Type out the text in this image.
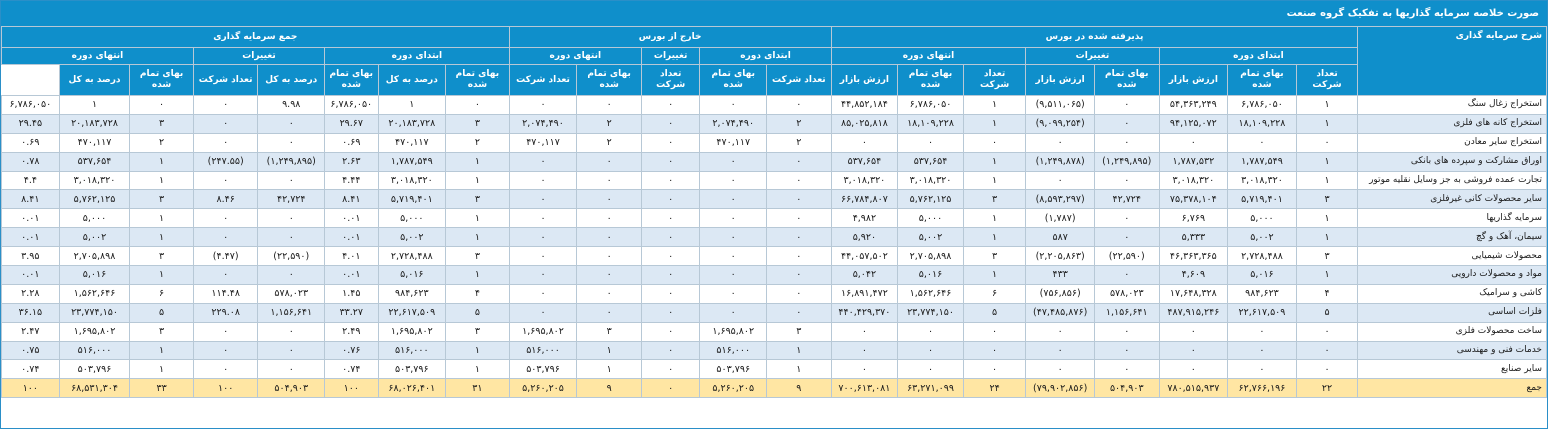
صورت خلاصه سرمایه گذاریها به تفکیک گروه صنعت
شرح سرمایه گذاری	پذیرفته شده در بورس								خارج از بورس					جمع سرمایه گذاری							
	ابتدای دوره			تغییرات		انتهای دوره			ابتدای دوره		تغییرات	انتهای دوره		ابتدای دوره			تغییرات		انتهای دوره		
	تعداد شرکت	بهای تمام شده	ارزش بازار	بهای تمام شده	ارزش بازار	تعداد شرکت	بهای تمام شده	ارزش بازار	تعداد شرکت	بهای تمام شده	تعداد شرکت	بهای تمام شده	تعداد شرکت	بهای تمام شده	درصد به کل	بهای تمام شده	درصد به کل	تعداد شرکت	بهای تمام شده	درصد به کل	
استخراج زغال سنگ	۱	۶,۷۸۶,۰۵۰	۵۴,۳۶۳,۲۴۹	۰	(۹,۵۱۱,۰۶۵)	۱	۶,۷۸۶,۰۵۰	۴۴,۸۵۲,۱۸۴	۰	۰	۰	۰	۰	۰	۱	۶,۷۸۶,۰۵۰	۹.۹۸	۰	۰	۱	۶,۷۸۶,۰۵۰
استخراج کانه های فلزی	۱	۱۸,۱۰۹,۲۲۸	۹۴,۱۲۵,۰۷۲	۰	(۹,۰۹۹,۲۵۴)	۱	۱۸,۱۰۹,۲۲۸	۸۵,۰۲۵,۸۱۸	۲	۲,۰۷۴,۴۹۰	۰	۲	۲,۰۷۴,۴۹۰	۳	۲۰,۱۸۳,۷۲۸	۲۹.۶۷	۰	۰	۳	۲۰,۱۸۳,۷۲۸	۲۹.۴۵
استخراج سایر معادن	۰	۰	۰	۰	۰	۰	۰	۰	۲	۴۷۰,۱۱۷	۰	۲	۴۷۰,۱۱۷	۲	۴۷۰,۱۱۷	۰.۶۹	۰	۰	۲	۴۷۰,۱۱۷	۰.۶۹
اوراق مشارکت و سپرده های بانکی	۱	۱,۷۸۷,۵۴۹	۱,۷۸۷,۵۳۲	(۱,۲۴۹,۸۹۵)	(۱,۲۴۹,۸۷۸)	۱	۵۳۷,۶۵۴	۵۳۷,۶۵۴	۰	۰	۰	۰	۰	۱	۱,۷۸۷,۵۴۹	۲.۶۳	(۱,۲۴۹,۸۹۵)	(۲۴۷.۵۵)	۱	۵۳۷,۶۵۴	۰.۷۸
تجارت عمده فروشی به جز وسایل نقلیه موتور	۱	۳,۰۱۸,۳۲۰	۳,۰۱۸,۳۲۰	۰	۰	۱	۳,۰۱۸,۳۲۰	۳,۰۱۸,۳۲۰	۰	۰	۰	۰	۰	۱	۳,۰۱۸,۳۲۰	۴.۴۴	۰	۰	۱	۳,۰۱۸,۳۲۰	۴.۴
سایر محصولات کانی غیرفلزی	۳	۵,۷۱۹,۴۰۱	۷۵,۳۷۸,۱۰۴	۴۲,۷۲۴	(۸,۵۹۳,۲۹۷)	۳	۵,۷۶۲,۱۲۵	۶۶,۷۸۴,۸۰۷	۰	۰	۰	۰	۰	۳	۵,۷۱۹,۴۰۱	۸.۴۱	۴۲,۷۲۴	۸.۴۶	۳	۵,۷۶۲,۱۲۵	۸.۴۱
سرمایه گذاریها	۱	۵,۰۰۰	۶,۷۶۹	۰	(۱,۷۸۷)	۱	۵,۰۰۰	۴,۹۸۲	۰	۰	۰	۰	۰	۱	۵,۰۰۰	۰.۰۱	۰	۰	۱	۵,۰۰۰	۰.۰۱
سیمان، آهک و گچ	۱	۵,۰۰۲	۵,۳۳۳	۰	۵۸۷	۱	۵,۰۰۲	۵,۹۲۰	۰	۰	۰	۰	۰	۱	۵,۰۰۲	۰.۰۱	۰	۰	۱	۵,۰۰۲	۰.۰۱
محصولات شیمیایی	۳	۲,۷۲۸,۴۸۸	۴۶,۳۶۳,۳۶۵	(۲۲,۵۹۰)	(۲,۲۰۵,۸۶۳)	۳	۲,۷۰۵,۸۹۸	۴۴,۰۵۷,۵۰۲	۰	۰	۰	۰	۰	۳	۲,۷۲۸,۴۸۸	۴.۰۱	(۲۲,۵۹۰)	(۴.۴۷)	۳	۲,۷۰۵,۸۹۸	۳.۹۵
مواد و محصولات دارویی	۱	۵,۰۱۶	۴,۶۰۹	۰	۴۳۳	۱	۵,۰۱۶	۵,۰۴۲	۰	۰	۰	۰	۰	۱	۵,۰۱۶	۰.۰۱	۰	۰	۱	۵,۰۱۶	۰.۰۱
کاشی و سرامیک	۴	۹۸۴,۶۲۳	۱۷,۶۴۸,۳۲۸	۵۷۸,۰۲۳	(۷۵۶,۸۵۶)	۶	۱,۵۶۲,۶۴۶	۱۶,۸۹۱,۴۷۲	۰	۰	۰	۰	۰	۴	۹۸۴,۶۲۳	۱.۴۵	۵۷۸,۰۲۳	۱۱۴.۴۸	۶	۱,۵۶۲,۶۴۶	۲.۲۸
فلزات اساسی	۵	۲۲,۶۱۷,۵۰۹	۴۸۷,۹۱۵,۲۴۶	۱,۱۵۶,۶۴۱	(۴۷,۴۸۵,۸۷۶)	۵	۲۳,۷۷۴,۱۵۰	۴۴۰,۴۲۹,۳۷۰	۰	۰	۰	۰	۰	۵	۲۲,۶۱۷,۵۰۹	۳۳.۲۷	۱,۱۵۶,۶۴۱	۲۲۹.۰۸	۵	۲۳,۷۷۴,۱۵۰	۳۶.۱۵
ساخت محصولات فلزی	۰	۰	۰	۰	۰	۰	۰	۰	۳	۱,۶۹۵,۸۰۲	۰	۳	۱,۶۹۵,۸۰۲	۳	۱,۶۹۵,۸۰۲	۲.۴۹	۰	۰	۳	۱,۶۹۵,۸۰۲	۲.۴۷
خدمات فنی و مهندسی	۰	۰	۰	۰	۰	۰	۰	۰	۱	۵۱۶,۰۰۰	۰	۱	۵۱۶,۰۰۰	۱	۵۱۶,۰۰۰	۰.۷۶	۰	۰	۱	۵۱۶,۰۰۰	۰.۷۵
سایر صنایع	۰	۰	۰	۰	۰	۰	۰	۰	۱	۵۰۳,۷۹۶	۰	۱	۵۰۳,۷۹۶	۱	۵۰۳,۷۹۶	۰.۷۴	۰	۰	۱	۵۰۳,۷۹۶	۰.۷۴
جمع	۲۲	۶۲,۷۶۶,۱۹۶	۷۸۰,۵۱۵,۹۳۷	۵۰۴,۹۰۳	(۷۹,۹۰۲,۸۵۶)	۲۴	۶۳,۲۷۱,۰۹۹	۷۰۰,۶۱۳,۰۸۱	۹	۵,۲۶۰,۲۰۵	۰	۹	۵,۲۶۰,۲۰۵	۳۱	۶۸,۰۲۶,۴۰۱	۱۰۰	۵۰۴,۹۰۳	۱۰۰	۳۳	۶۸,۵۳۱,۳۰۴	۱۰۰
